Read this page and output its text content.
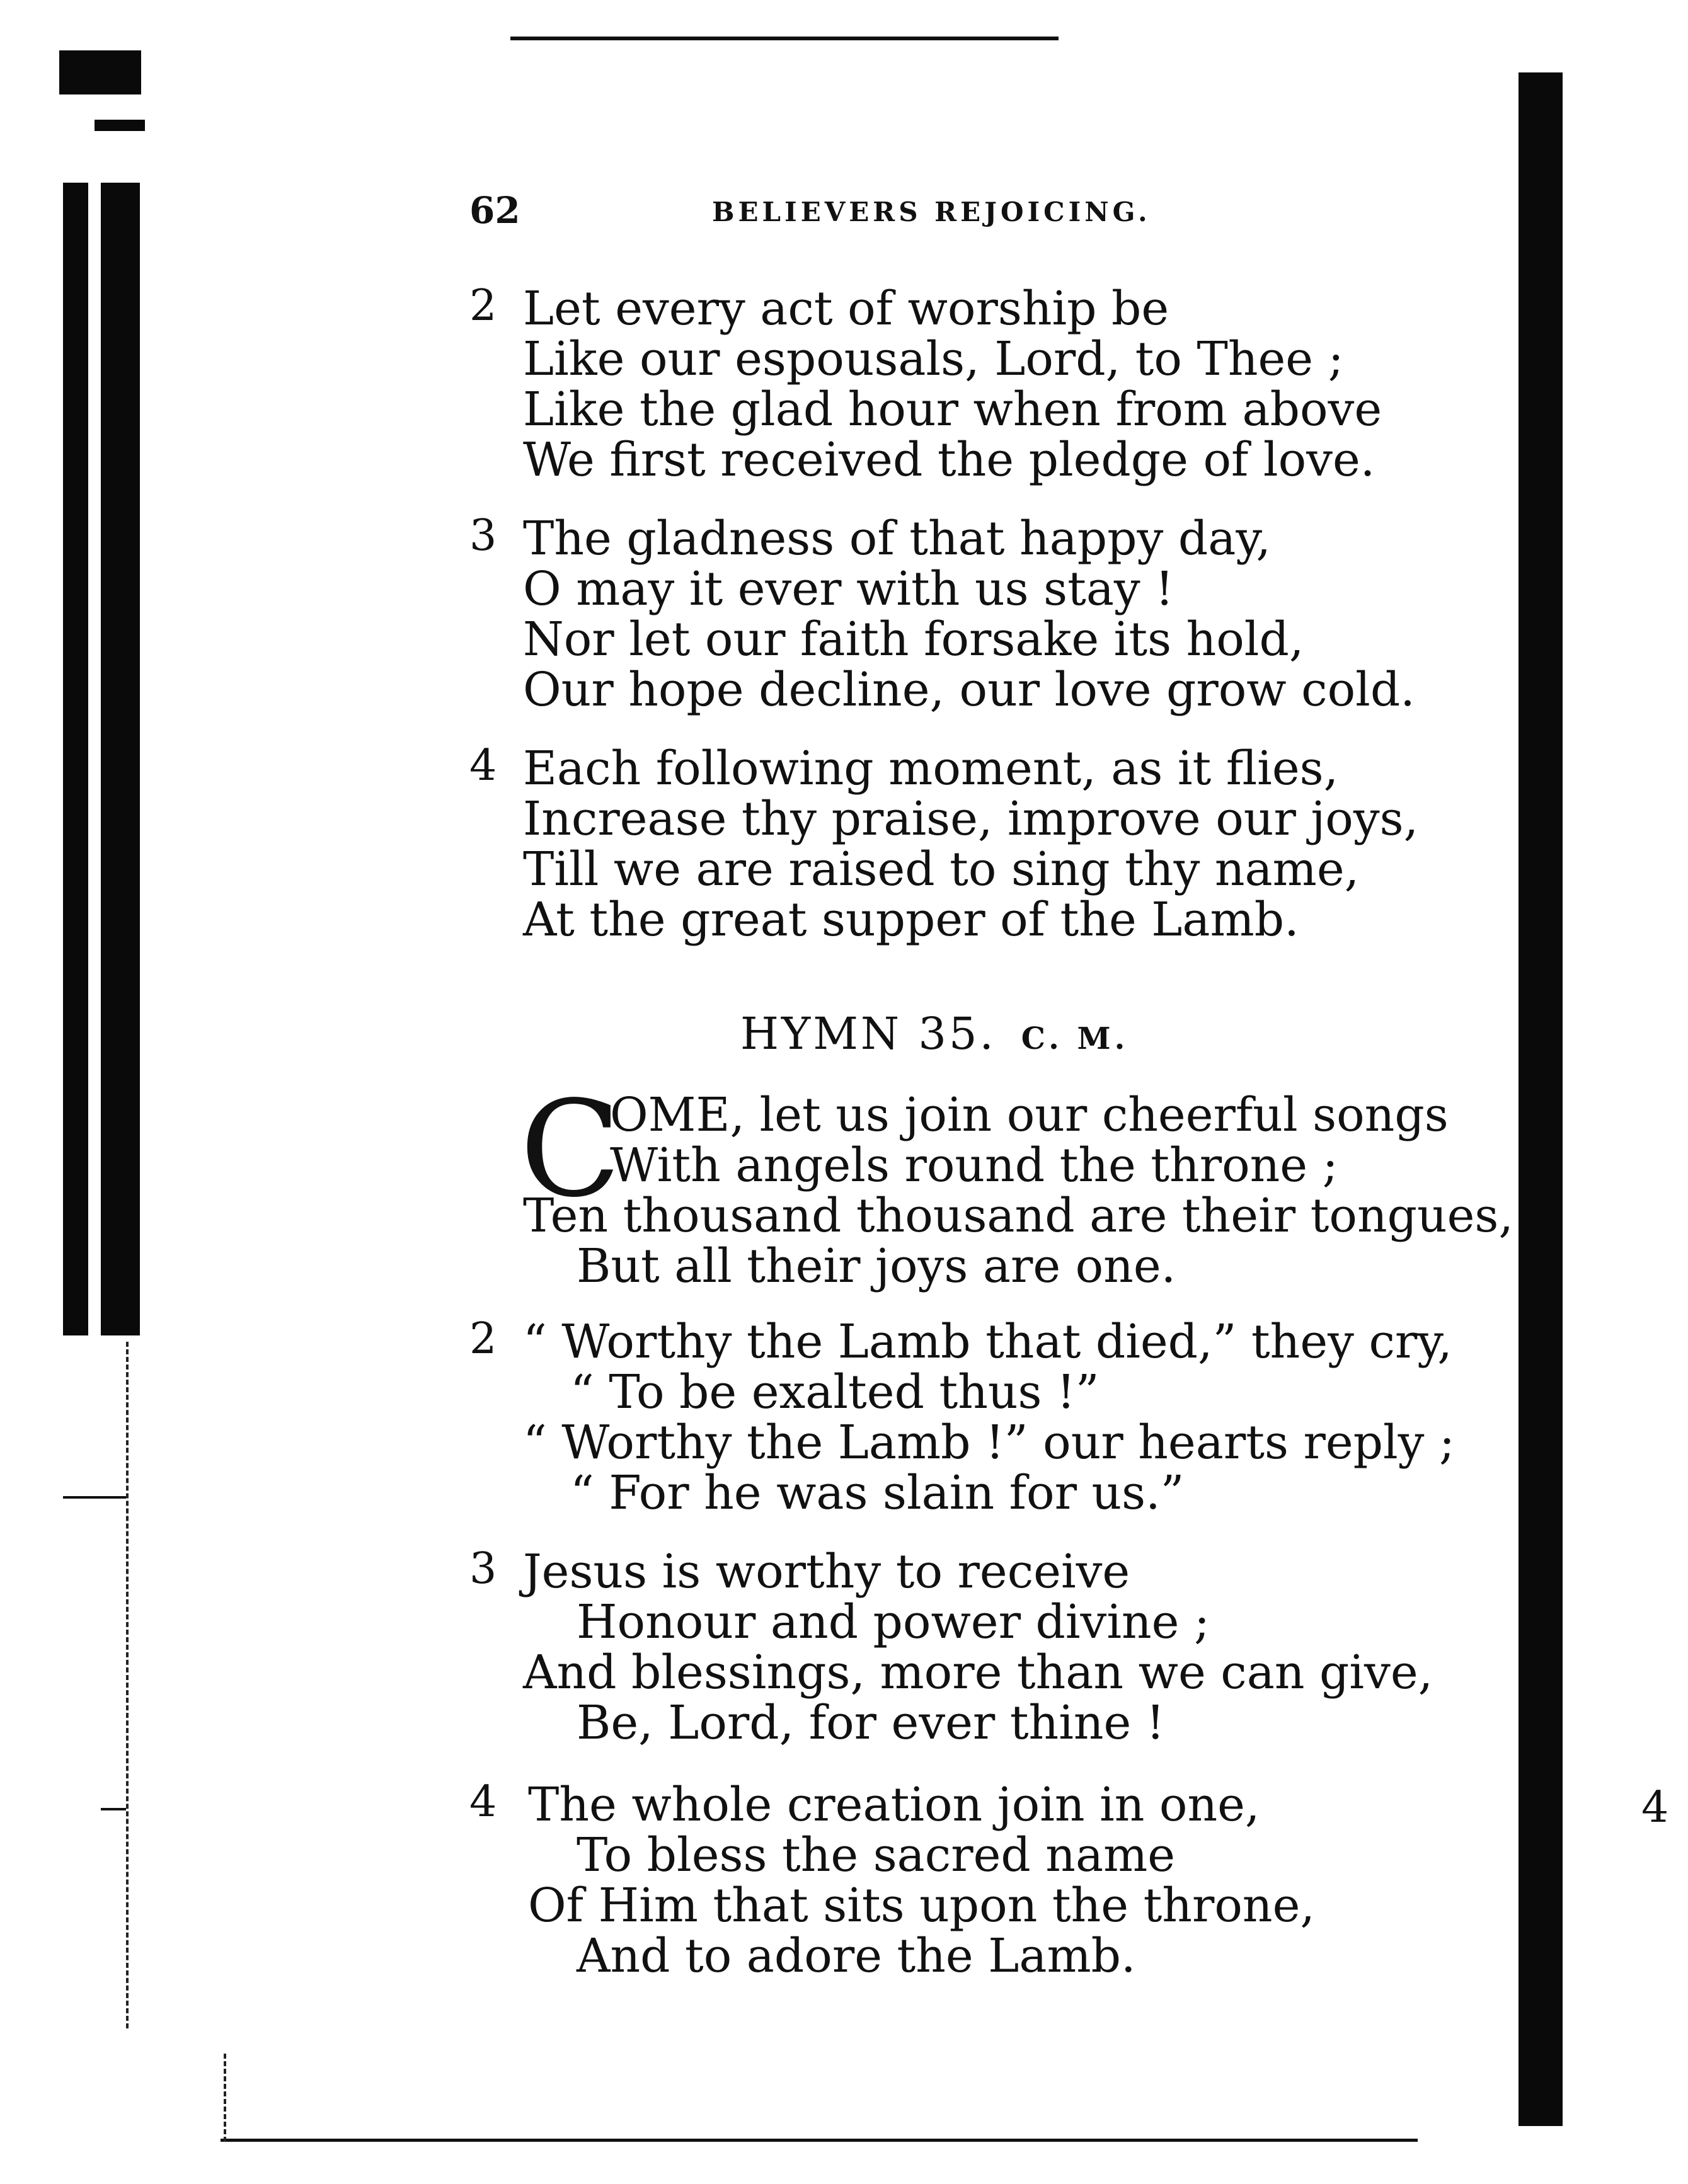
62	BELIEVERS REJOICING.
2 Let every act of worship be
Like our espousals, Lord, to Thee ;
Like the glad hour when from above
We first received the pledge of love.
3 The gladness of that happy day,
O may it ever with us stay !
Nor let our faith forsake its hold,
Our hope decline, our love grow cold.
4 Each following moment, as it flies,
Increase thy praise, improve our joys,
Till we are raised to sing thy name,
At the great supper of the Lamb.
HYMN 35. C. M.
C
OME, let us join our cheerful songs
With angels round the throne ;
Ten thousand thousand are their tongues,
But all their joys are one.
2 “ Worthy the Lamb that died,” they cry,
“ To be exalted thus !”
“ Worthy the Lamb !” our hearts reply ;
“ For he was slain for us.”
3 Jesus is worthy to receive
Honour and power divine ;
And blessings, more than we can give,
Be, Lord, for ever thine !
4 The whole creation join in one,
To bless the sacred name
Of Him that sits upon the throne,
And to adore the Lamb.
4
